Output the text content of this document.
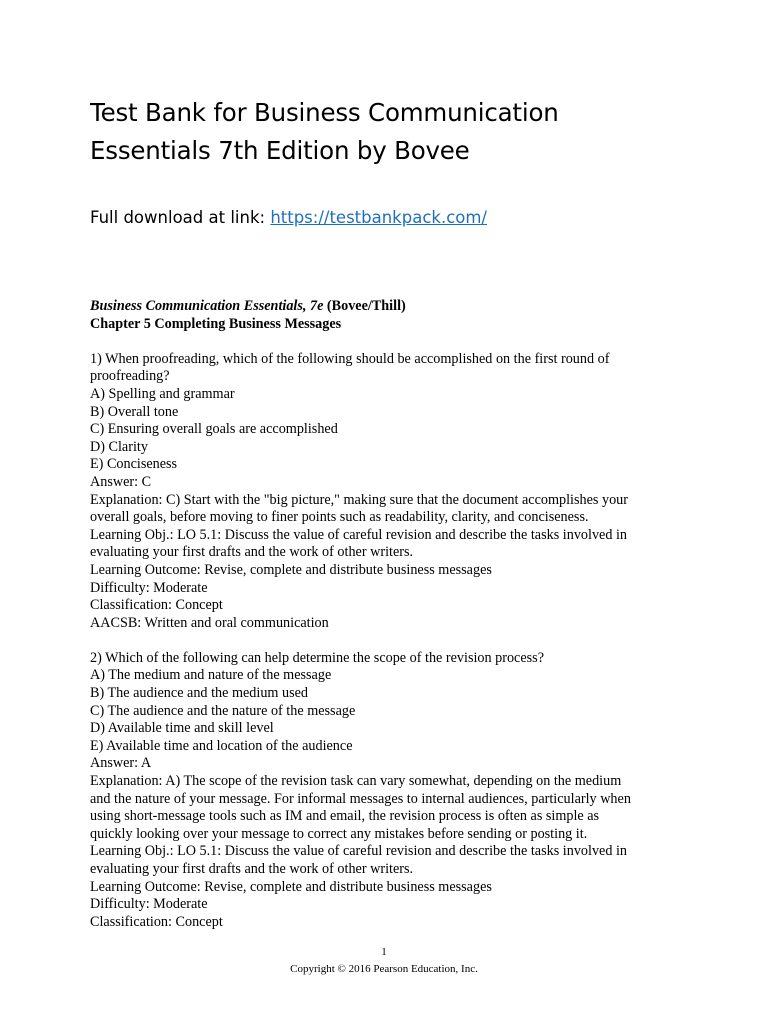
Test Bank for Business Communication
Essentials 7th Edition by Bovee
Full download at link: https://testbankpack.com/
Business Communication Essentials, 7e (Bovee/Thill)
Chapter 5 Completing Business Messages
1) When proofreading, which of the following should be accomplished on the first round of
proofreading?
A) Spelling and grammar
B) Overall tone
C) Ensuring overall goals are accomplished
D) Clarity
E) Conciseness
Answer: C
Explanation: C) Start with the "big picture," making sure that the document accomplishes your
overall goals, before moving to finer points such as readability, clarity, and conciseness.
Learning Obj.: LO 5.1: Discuss the value of careful revision and describe the tasks involved in
evaluating your first drafts and the work of other writers.
Learning Outcome: Revise, complete and distribute business messages
Difficulty: Moderate
Classification: Concept
AACSB: Written and oral communication
2) Which of the following can help determine the scope of the revision process?
A) The medium and nature of the message
B) The audience and the medium used
C) The audience and the nature of the message
D) Available time and skill level
E) Available time and location of the audience
Answer: A
Explanation: A) The scope of the revision task can vary somewhat, depending on the medium
and the nature of your message. For informal messages to internal audiences, particularly when
using short-message tools such as IM and email, the revision process is often as simple as
quickly looking over your message to correct any mistakes before sending or posting it.
Learning Obj.: LO 5.1: Discuss the value of careful revision and describe the tasks involved in
evaluating your first drafts and the work of other writers.
Learning Outcome: Revise, complete and distribute business messages
Difficulty: Moderate
Classification: Concept
1
Copyright © 2016 Pearson Education, Inc.
